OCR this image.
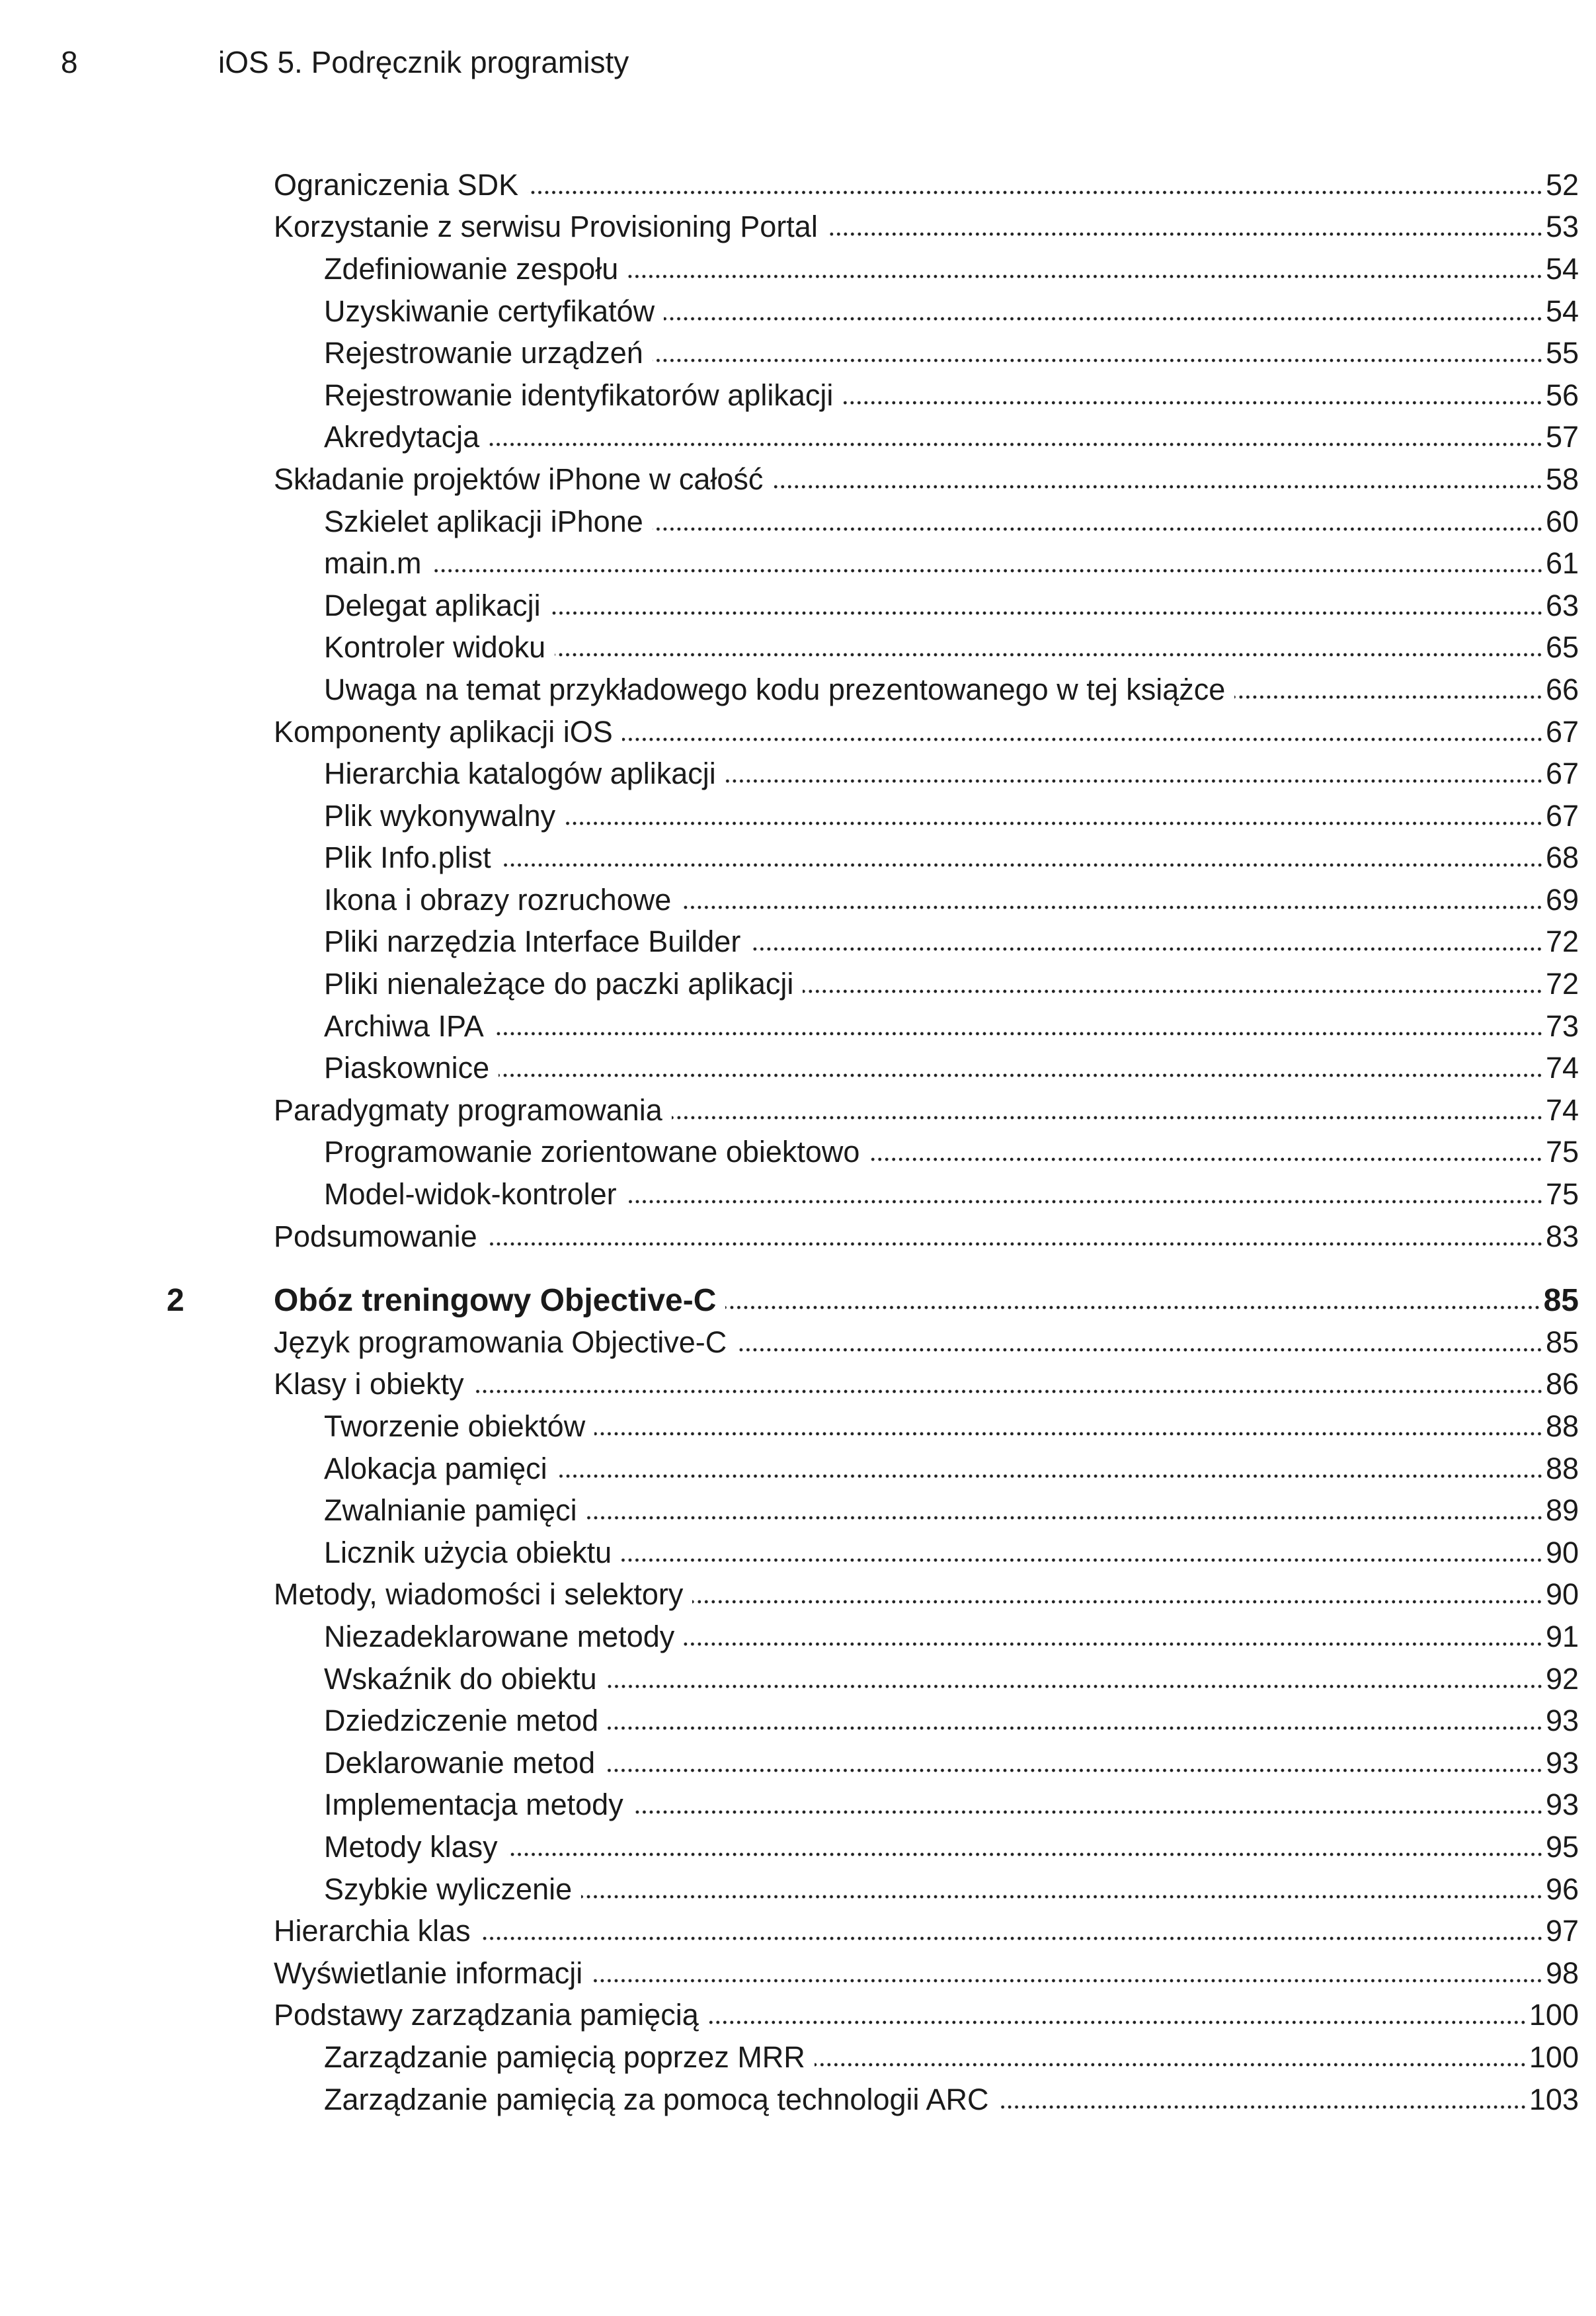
8	iOS 5. Podręcznik programisty
Ograniczenia SDK	52
Korzystanie z serwisu Provisioning Portal	53
Zdefiniowanie zespołu	54
Uzyskiwanie certyfikatów	54
Rejestrowanie urządzeń	55
Rejestrowanie identyfikatorów aplikacji	56
Akredytacja	57
Składanie projektów iPhone w całość	58
Szkielet aplikacji iPhone	60
main.m	61
Delegat aplikacji	63
Kontroler widoku	65
Uwaga na temat przykładowego kodu prezentowanego w tej książce	66
Komponenty aplikacji iOS	67
Hierarchia katalogów aplikacji	67
Plik wykonywalny	67
Plik Info.plist	68
Ikona i obrazy rozruchowe	69
Pliki narzędzia Interface Builder	72
Pliki nienależące do paczki aplikacji	72
Archiwa IPA	73
Piaskownice	74
Paradygmaty programowania	74
Programowanie zorientowane obiektowo	75
Model-widok-kontroler	75
Podsumowanie	83
2	Obóz treningowy Objective-C	85
Język programowania Objective-C	85
Klasy i obiekty	86
Tworzenie obiektów	88
Alokacja pamięci	88
Zwalnianie pamięci	89
Licznik użycia obiektu	90
Metody, wiadomości i selektory	90
Niezadeklarowane metody	91
Wskaźnik do obiektu	92
Dziedziczenie metod	93
Deklarowanie metod	93
Implementacja metody	93
Metody klasy	95
Szybkie wyliczenie	96
Hierarchia klas	97
Wyświetlanie informacji	98
Podstawy zarządzania pamięcią	100
Zarządzanie pamięcią poprzez MRR	100
Zarządzanie pamięcią za pomocą technologii ARC	103
